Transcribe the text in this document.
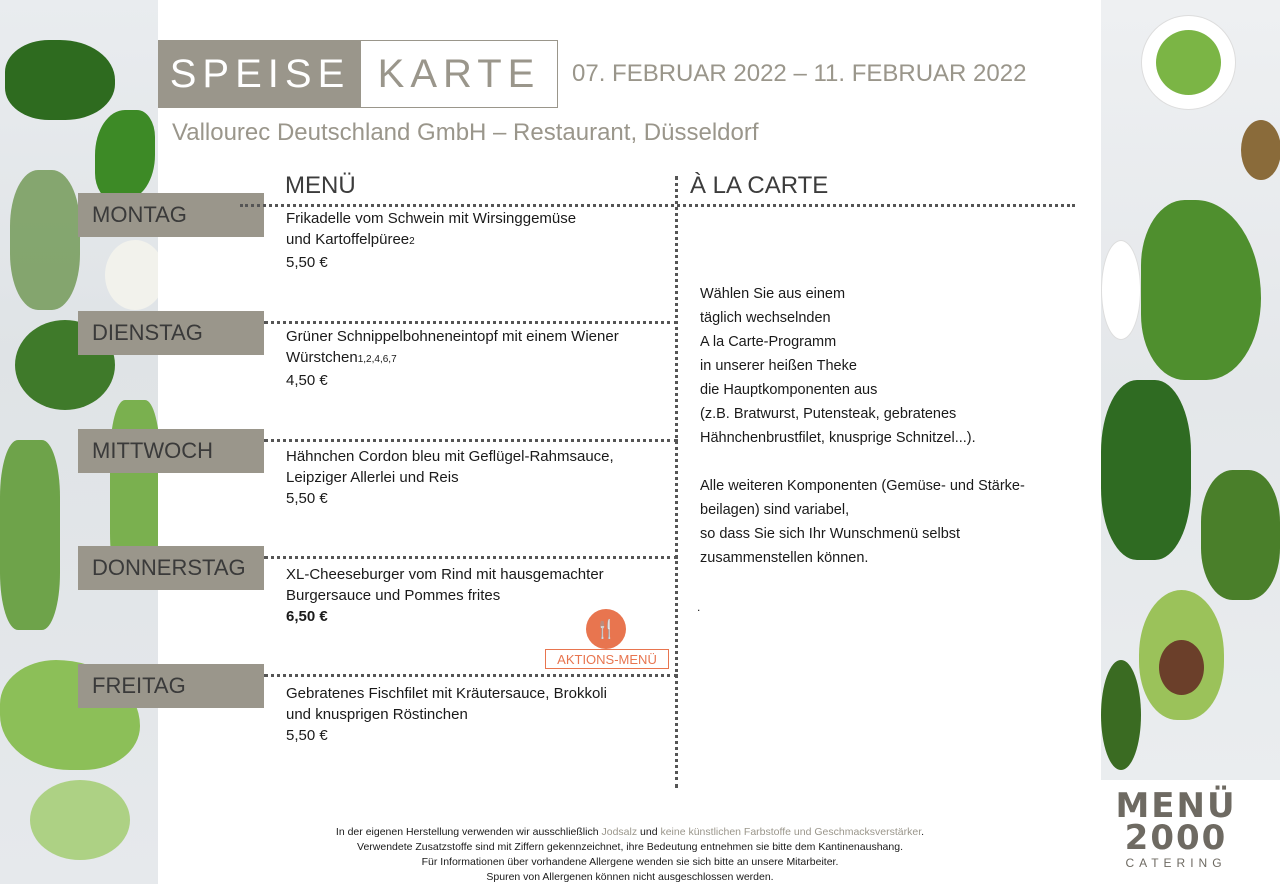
SPEISE KARTE	07. FEBRUAR 2022 – 11. FEBRUAR 2022
Vallourec Deutschland GmbH – Restaurant, Düsseldorf
MENÜ	À LA CARTE
MONTAG	Frikadelle vom Schwein mit Wirsinggemüse
und Kartoffelpüree2
5,50 €
DIENSTAG	Grüner Schnippelbohneneintopf mit einem Wiener
Würstchen1,2,4,6,7
4,50 €
MITTWOCH	Hähnchen Cordon bleu mit Geflügel-Rahmsauce,
Leipziger Allerlei und Reis
5,50 €
DONNERSTAG	XL-Cheeseburger vom Rind mit hausgemachter
Burgersauce und Pommes frites
6,50 €
🍴
AKTIONS-MENÜ
FREITAG	Gebratenes Fischfilet mit Kräutersauce, Brokkoli
und knusprigen Röstinchen
5,50 €
Wählen Sie aus einem
täglich wechselnden
A la Carte-Programm
in unserer heißen Theke
die Hauptkomponenten aus
(z.B. Bratwurst, Putensteak, gebratenes
Hähnchenbrustfilet, knusprige Schnitzel...).
Alle weiteren Komponenten (Gemüse- und Stärke-
beilagen) sind variabel,
so dass Sie sich Ihr Wunschmenü selbst
zusammenstellen können.
.
In der eigenen Herstellung verwenden wir ausschließlich Jodsalz und keine künstlichen Farbstoffe und Geschmacksverstärker.
Verwendete Zusatzstoffe sind mit Ziffern gekennzeichnet, ihre Bedeutung entnehmen sie bitte dem Kantinenaushang.
Für Informationen über vorhandene Allergene wenden sie sich bitte an unsere Mitarbeiter.
Spuren von Allergenen können nicht ausgeschlossen werden.
MENÜ
2000
CATERING
